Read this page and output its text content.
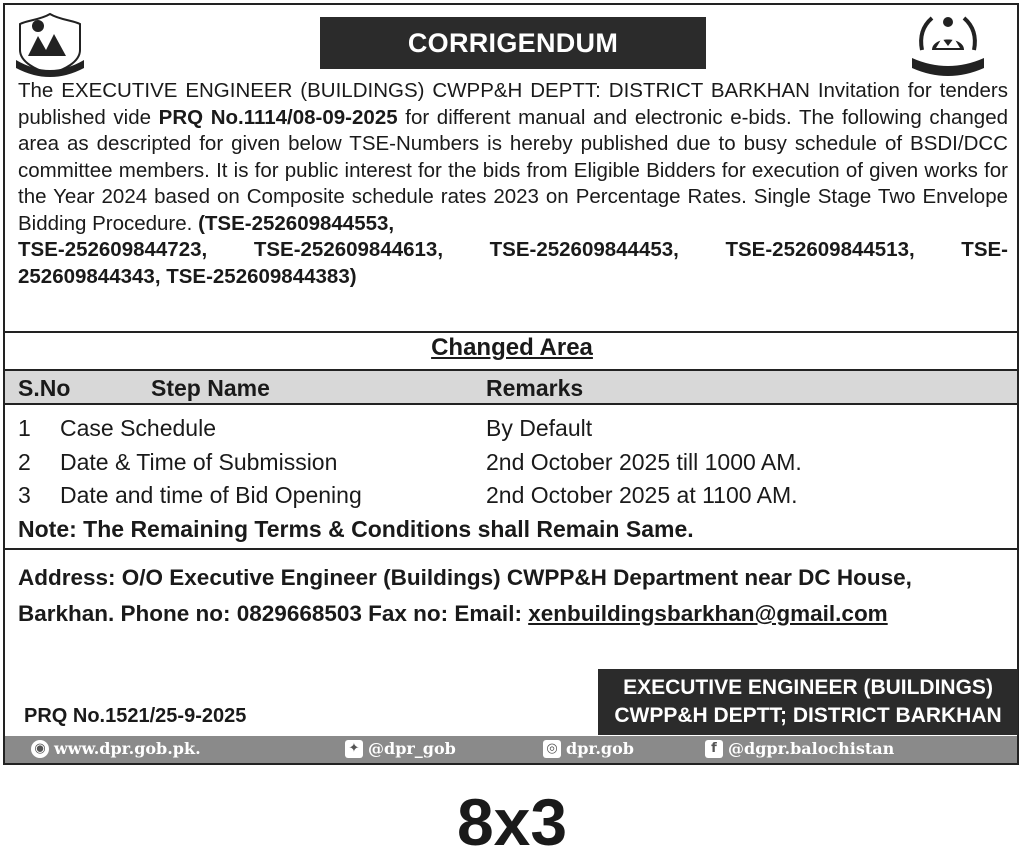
CORRIGENDUM
The EXECUTIVE ENGINEER (BUILDINGS) CWPP&H DEPTT: DISTRICT BARKHAN Invitation for tenders published vide PRQ No.1114/08-09-2025 for different manual and electronic e-bids. The following changed area as descripted for given below TSE-Numbers is hereby published due to busy schedule of BSDI/DCC committee members. It is for public interest for the bids from Eligible Bidders for execution of given works for the Year 2024 based on Composite schedule rates 2023 on Percentage Rates. Single Stage Two Envelope Bidding Procedure. (TSE-252609844553,
TSE-252609844723, TSE-252609844613, TSE-252609844453, TSE-252609844513, TSE-
252609844343, TSE-252609844383)
Changed Area
S.No	Step Name	Remarks
1 Case Schedule	By Default
2 Date & Time of Submission	2nd October 2025 till 1000 AM.
3 Date and time of Bid Opening	2nd October 2025 at 1100 AM.
Note: The Remaining Terms & Conditions shall Remain Same.
Address: O/O Executive Engineer (Buildings) CWPP&H Department near DC House,
Barkhan. Phone no: 0829668503 Fax no: Email: xenbuildingsbarkhan@gmail.com
PRQ No.1521/25-9-2025
EXECUTIVE ENGINEER (BUILDINGS)
CWPP&H DEPTT; DISTRICT BARKHAN
◉ www.dpr.gob.pk.	✦ @dpr_gob	◎ dpr.gob	f @dgpr.balochistan
8x3
